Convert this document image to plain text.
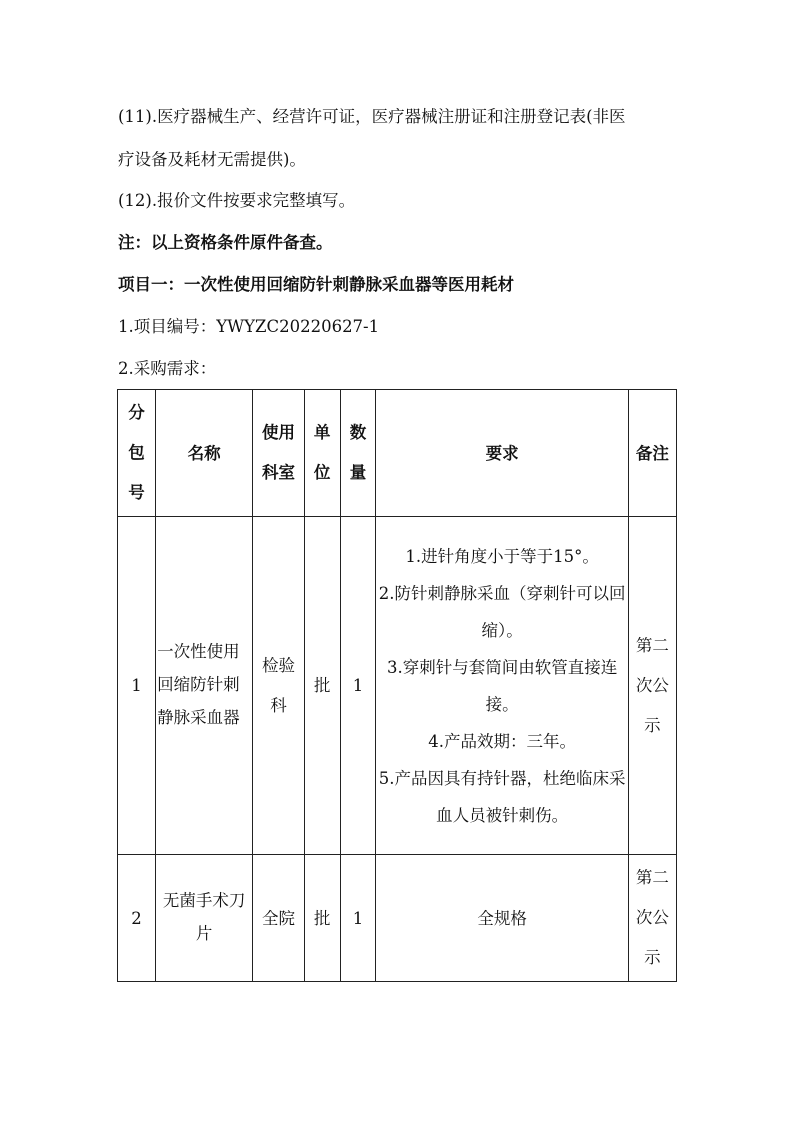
(11).医疗器械生产、经营许可证，医疗器械注册证和注册登记表(非医
疗设备及耗材无需提供)。
(12).报价文件按要求完整填写。
注：以上资格条件原件备查。
项目一：一次性使用回缩防针刺静脉采血器等医用耗材
1.项目编号：YWYZC20220627-1
2.采购需求：
分包号	名称	使用科室	单位	数量	要求	备注
1	一次性使用回缩防针刺静脉采血器	检验科	批	1	1.进针角度小于等于15°。
2.防针刺静脉采血（穿刺针可以回缩）。
3.穿刺针与套筒间由软管直接连接。
4.产品效期：三年。
5.产品因具有持针器，杜绝临床采血人员被针刺伤。	第二次公示
2	无菌手术刀片	全院	批	1	全规格	第二次公示
